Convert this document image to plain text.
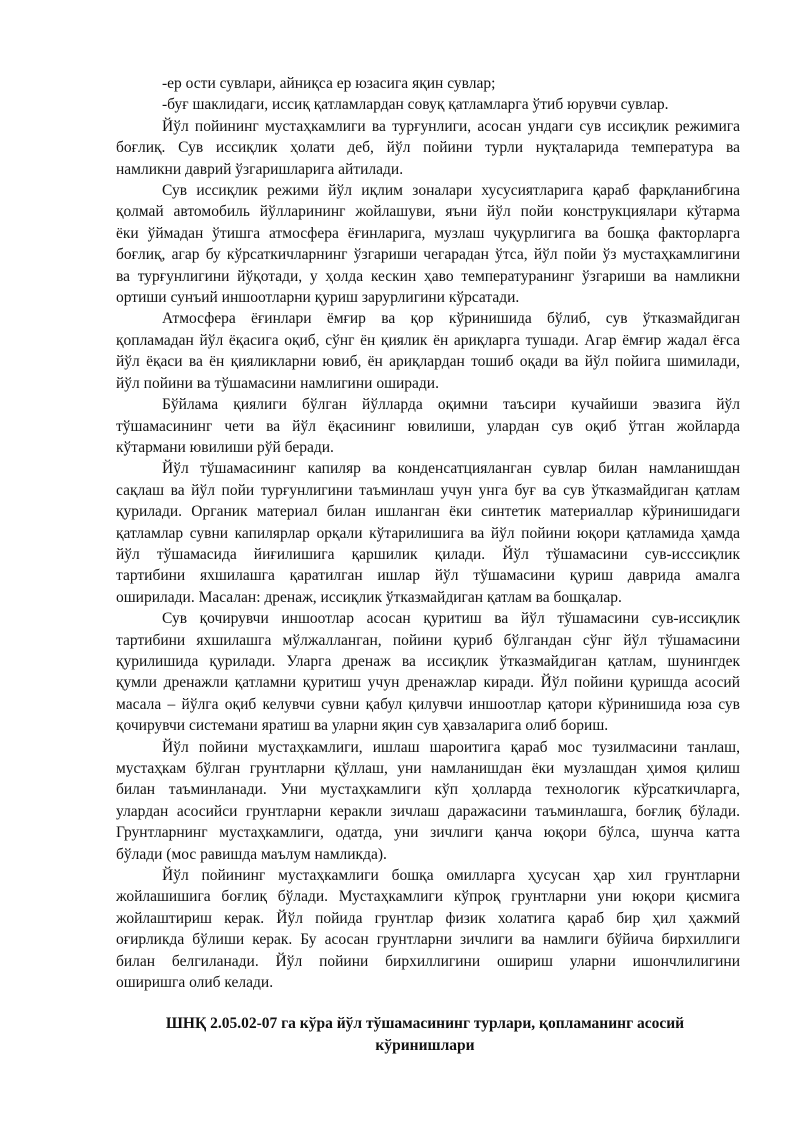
-ер ости сувлари, айниқса ер юзасига яқин сувлар;
-буғ шаклидаги, иссиқ қатламлардан совуқ қатламларга ўтиб юрувчи сувлар.
Йўл пойининг мустаҳкамлиги ва турғунлиги, асосан ундаги сув иссиқлик режимига
боғлиқ. Сув иссиқлик ҳолати деб, йўл пойини турли нуқталарида температура ва
намликни даврий ўзгаришларига айтилади.
Сув иссиқлик режими йўл иқлим зоналари хусусиятларига қараб фарқланибгина
қолмай автомобиль йўлларининг жойлашуви, яъни йўл пойи конструкциялари кўтарма
ёки ўймадан ўтишга атмосфера ёғинларига, музлаш чуқурлигига ва бошқа факторларга
боғлиқ, агар бу кўрсаткичларнинг ўзгариши чегарадан ўтса, йўл пойи ўз мустаҳкамлигини
ва турғунлигини йўқотади, у ҳолда кескин ҳаво температуранинг ўзгариши ва намликни
ортиши сунъий иншоотларни қуриш зарурлигини кўрсатади.
Атмосфера ёғинлари ёмғир ва қор кўринишида бўлиб, сув ўтказмайдиган
қопламадан йўл ёқасига оқиб, сўнг ён қиялик ён ариқларга тушади. Агар ёмғир жадал ёғса
йўл ёқаси ва ён қияликларни ювиб, ён ариқлардан тошиб оқади ва йўл пойига шимилади,
йўл пойини ва тўшамасини намлигини оширади.
Бўйлама қиялиги бўлган йўлларда оқимни таъсири кучайиши эвазига йўл
тўшамасининг чети ва йўл ёқасининг ювилиши, улардан сув оқиб ўтган жойларда
кўтармани ювилиши рўй беради.
Йўл тўшамасининг капиляр ва конденсатцияланган сувлар билан намланишдан
сақлаш ва йўл пойи турғунлигини таъминлаш учун унга буғ ва сув ўтказмайдиган қатлам
қурилади. Органик материал билан ишланган ёки синтетик материаллар кўринишидаги
қатламлар сувни капилярлар орқали кўтарилишига ва йўл пойини юқори қатламида ҳамда
йўл тўшамасида йиғилишига қаршилик қилади. Йўл тўшамасини сув-исссиқлик
тартибини яхшилашга қаратилган ишлар йўл тўшамасини қуриш даврида амалга
оширилади. Масалан: дренаж, иссиқлик ўтказмайдиган қатлам ва бошқалар.
Сув қочирувчи иншоотлар асосан қуритиш ва йўл тўшамасини сув-иссиқлик
тартибини яхшилашга мўлжалланган, пойини қуриб бўлгандан сўнг йўл тўшамасини
қурилишида қурилади. Уларга дренаж ва иссиқлик ўтказмайдиган қатлам, шунингдек
қумли дренажли қатламни қуритиш учун дренажлар киради. Йўл пойини қуришда асосий
масала – йўлга оқиб келувчи сувни қабул қилувчи иншоотлар қатори кўринишида юза сув
қочирувчи системани яратиш ва уларни яқин сув ҳавзаларига олиб бориш.
Йўл пойини мустаҳкамлиги, ишлаш шароитига қараб мос тузилмасини танлаш,
мустаҳкам бўлган грунтларни қўллаш, уни намланишдан ёки музлашдан ҳимоя қилиш
билан таъминланади. Уни мустаҳкамлиги кўп ҳолларда технологик кўрсаткичларга,
улардан асосийси грунтларни керакли зичлаш даражасини таъминлашга, боғлиқ бўлади.
Грунтларнинг мустаҳкамлиги, одатда, уни зичлиги қанча юқори бўлса, шунча катта
бўлади (мос равишда маълум намликда).
Йўл пойининг мустаҳкамлиги бошқа омилларга ҳусусан ҳар хил грунтларни
жойлашишига боғлиқ бўлади. Мустаҳкамлиги кўпроқ грунтларни уни юқори қисмига
жойлаштириш керак. Йўл пойида грунтлар физик холатига қараб бир ҳил ҳажмий
оғирликда бўлиши керак. Бу асосан грунтларни зичлиги ва намлиги бўйича бирхиллиги
билан белгиланади. Йўл пойини бирхиллигини ошириш уларни ишончлилигини
оширишга олиб келади.
ШНҚ 2.05.02-07 га кўра йўл тўшамасининг турлари, қопламанинг асосий
кўринишлари
